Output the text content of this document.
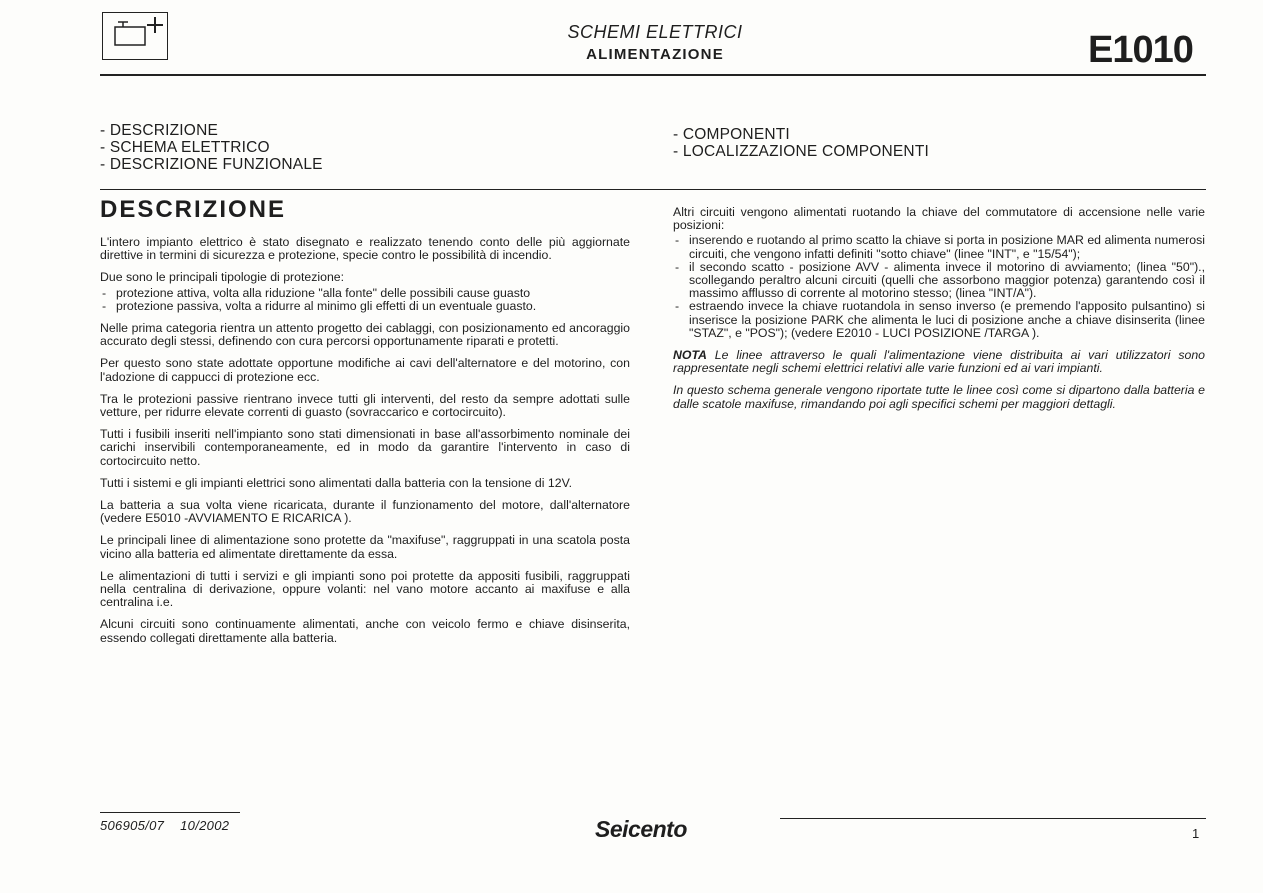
SCHEMI ELETTRICI
ALIMENTAZIONE	E1010
- DESCRIZIONE
- SCHEMA ELETTRICO
- DESCRIZIONE FUNZIONALE
- COMPONENTI
- LOCALIZZAZIONE COMPONENTI
DESCRIZIONE

L'intero impianto elettrico è stato disegnato e realizzato tenendo conto delle più aggiornate direttive in termini di sicurezza e protezione, specie contro le possibilità di incendio.

Due sono le principali tipologie di protezione:

- protezione attiva, volta alla riduzione "alla fonte" delle possibili cause guasto
- protezione passiva, volta a ridurre al minimo gli effetti di un eventuale guasto.

Nelle prima categoria rientra un attento progetto dei cablaggi, con posizionamento ed ancoraggio accurato degli stessi, definendo con cura percorsi opportunamente riparati e protetti.

Per questo sono state adottate opportune modifiche ai cavi dell'alternatore e del motorino, con l'adozione di cappucci di protezione ecc.

Tra le protezioni passive rientrano invece tutti gli interventi, del resto da sempre adottati sulle vetture, per ridurre elevate correnti di guasto (sovraccarico e cortocircuito).

Tutti i fusibili inseriti nell'impianto sono stati dimensionati in base all'assorbimento nominale dei carichi inservibili contemporaneamente, ed in modo da garantire l'intervento in caso di cortocircuito netto.

Tutti i sistemi e gli impianti elettrici sono alimentati dalla batteria con la tensione di 12V.

La batteria a sua volta viene ricaricata, durante il funzionamento del motore, dall'alternatore (vedere E5010 -AVVIAMENTO E RICARICA ).

Le principali linee di alimentazione sono protette da "maxifuse", raggruppati in una scatola posta vicino alla batteria ed alimentate direttamente da essa.

Le alimentazioni di tutti i servizi e gli impianti sono poi protette da appositi fusibili, raggruppati nella centralina di derivazione, oppure volanti: nel vano motore accanto ai maxifuse e alla centralina i.e.

Alcuni circuiti sono continuamente alimentati, anche con veicolo fermo e chiave disinserita, essendo collegati direttamente alla batteria.

Altri circuiti vengono alimentati ruotando la chiave del commutatore di accensione nelle varie posizioni:

- inserendo e ruotando al primo scatto la chiave si porta in posizione MAR ed alimenta numerosi circuiti, che vengono infatti definiti "sotto chiave" (linee "INT", e "15/54");
- il secondo scatto - posizione AVV - alimenta invece il motorino di avviamento; (linea "50")., scollegando peraltro alcuni circuiti (quelli che assorbono maggior potenza) garantendo così il massimo afflusso di corrente al motorino stesso; (linea "INT/A").
- estraendo invece la chiave ruotandola in senso inverso (e premendo l'apposito pulsantino) si inserisce la posizione PARK che alimenta le luci di posizione anche a chiave disinserita (linee "STAZ", e "POS"); (vedere E2010 - LUCI POSIZIONE /TARGA ).

NOTA Le linee attraverso le quali l'alimentazione viene distribuita ai vari utilizzatori sono rappresentate negli schemi elettrici relativi alle varie funzioni ed ai vari impianti.

In questo schema generale vengono riportate tutte le linee così come si dipartono dalla batteria e dalle scatole maxifuse, rimandando poi agli specifici schemi per maggiori dettagli.

506905/07 10/2002	Seicento	1
